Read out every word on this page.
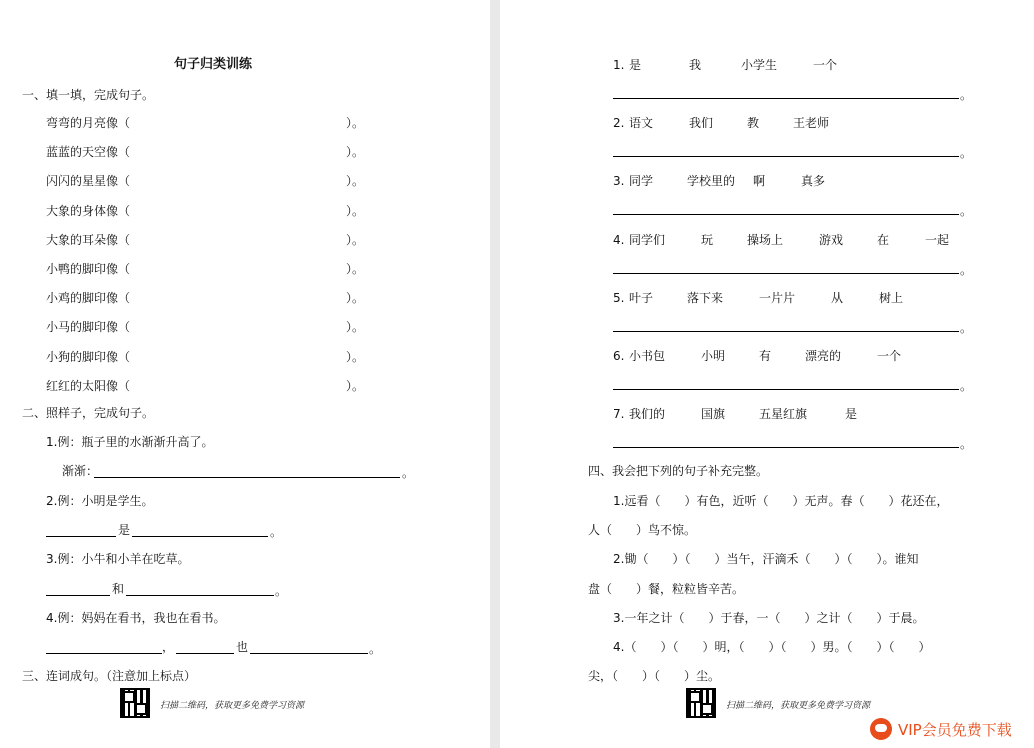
句子归类训练
一、填一填，完成句子。
弯弯的月亮像（	）。
蓝蓝的天空像（	）。
闪闪的星星像（	）。
大象的身体像（	）。
大象的耳朵像（	）。
小鸭的脚印像（	）。
小鸡的脚印像（	）。
小马的脚印像（	）。
小狗的脚印像（	）。
红红的太阳像（	）。
二、照样子，完成句子。
1.例：瓶子里的水渐渐升高了。
渐渐：	。
2.例：小明是学生。
是	。
3.例：小牛和小羊在吃草。
和	。
4.例：妈妈在看书，我也在看书。
，	也	。
三、连词成句。（注意加上标点）
扫描二维码，获取更多免费学习资源
1. 是	我	小学生	一个
。
2. 语文	我们	教	王老师
。
3. 同学	学校里的 啊	真多
。
4. 同学们	玩	操场上	游戏	在	一起
。
5. 叶子	落下来	一片片	从	树上
。
6. 小书包	小明	有	漂亮的	一个
。
7. 我们的	国旗	五星红旗	是
。
四、我会把下列的句子补充完整。
1.远看（　　）有色，近听（　　）无声。春（　　）花还在，
人（　　）鸟不惊。
2.锄（　　）（　　）当午，汗滴禾（　　）（　　）。谁知
盘（　　）餐，粒粒皆辛苦。
3.一年之计（　　）于春，一（　　）之计（　　）于晨。
4.（　　）（　　）明，（　　）（　　）男。（　　）（　　）
尖，（　　）（　　）尘。
扫描二维码，获取更多免费学习资源
VIP会员免费下载
